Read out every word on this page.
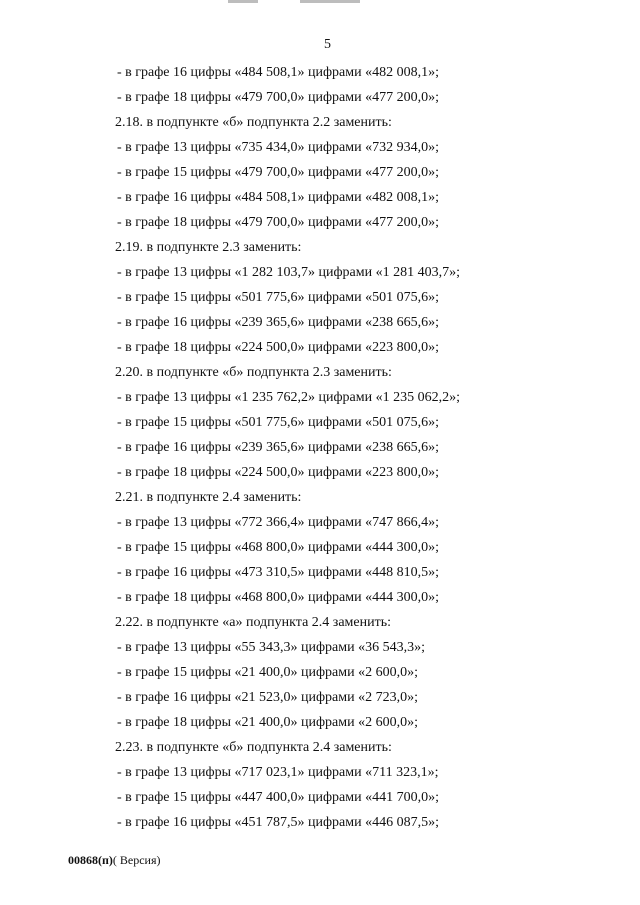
5
- в графе 16 цифры «484 508,1» цифрами «482 008,1»;
- в графе 18 цифры «479 700,0» цифрами «477 200,0»;
2.18. в подпункте «б» подпункта 2.2 заменить:
- в графе 13 цифры «735 434,0» цифрами «732 934,0»;
- в графе 15 цифры «479 700,0» цифрами «477 200,0»;
- в графе 16 цифры «484 508,1» цифрами «482 008,1»;
- в графе 18 цифры «479 700,0» цифрами «477 200,0»;
2.19. в подпункте 2.3 заменить:
- в графе 13 цифры «1 282 103,7» цифрами «1 281 403,7»;
- в графе 15 цифры «501 775,6» цифрами «501 075,6»;
- в графе 16 цифры «239 365,6» цифрами «238 665,6»;
- в графе 18 цифры «224 500,0» цифрами «223 800,0»;
2.20. в подпункте «б» подпункта 2.3 заменить:
- в графе 13 цифры «1 235 762,2» цифрами «1 235 062,2»;
- в графе 15 цифры «501 775,6» цифрами «501 075,6»;
- в графе 16 цифры «239 365,6» цифрами «238 665,6»;
- в графе 18 цифры «224 500,0» цифрами «223 800,0»;
2.21. в подпункте 2.4 заменить:
- в графе 13 цифры «772 366,4» цифрами «747 866,4»;
- в графе 15 цифры «468 800,0» цифрами «444 300,0»;
- в графе 16 цифры «473 310,5» цифрами «448 810,5»;
- в графе 18 цифры «468 800,0» цифрами «444 300,0»;
2.22. в подпункте «а» подпункта 2.4 заменить:
- в графе 13 цифры «55 343,3» цифрами «36 543,3»;
- в графе 15 цифры «21 400,0» цифрами «2 600,0»;
- в графе 16 цифры «21 523,0» цифрами «2 723,0»;
- в графе 18 цифры «21 400,0» цифрами «2 600,0»;
2.23. в подпункте «б» подпункта 2.4 заменить:
- в графе 13 цифры «717 023,1» цифрами «711 323,1»;
- в графе 15 цифры «447 400,0» цифрами «441 700,0»;
- в графе 16 цифры «451 787,5» цифрами «446 087,5»;
00868(п)( Версия)
